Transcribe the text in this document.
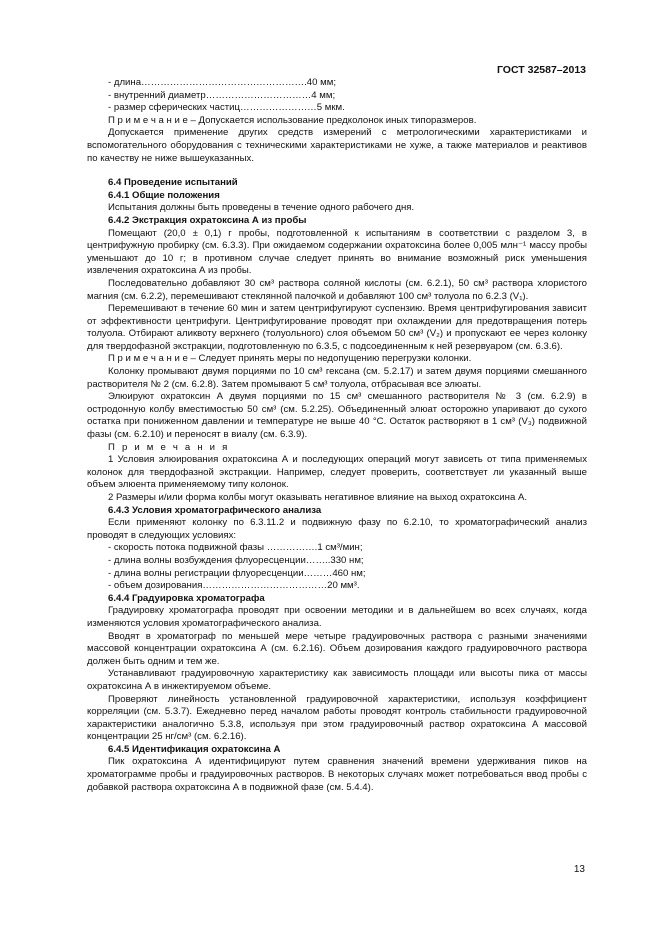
ГОСТ 32587–2013

- длина…………………………………………….40 мм;

- внутренний диаметр……………………………4 мм;

- размер сферических частиц……………………5 мкм.

П р и м е ч а н и е – Допускается использование предколонок иных типоразмеров.

Допускается применение других средств измерений с метрологическими характеристиками и вспомогательного оборудования с техническими характеристиками не хуже, а также материалов и реактивов по качеству не ниже вышеуказанных.

6.4 Проведение испытаний

6.4.1 Общие положения

Испытания должны быть проведены в течение одного рабочего дня.

6.4.2 Экстракция охратоксина А из пробы

Помещают (20,0 ± 0,1) г пробы, подготовленной к испытаниям в соответствии с разделом 3, в центрифужную пробирку (см. 6.3.3). При ожидаемом содержании охратоксина более 0,005 млн⁻¹ массу пробы уменьшают до 10 г; в противном случае следует принять во внимание возможный риск уменьшения извлечения охратоксина А из пробы.

Последовательно добавляют 30 см³ раствора соляной кислоты (см. 6.2.1), 50 см³ раствора хлористого магния (см. 6.2.2), перемешивают стеклянной палочкой и добавляют 100 см³ толуола по 6.2.3 (V₁).

Перемешивают в течение 60 мин и затем центрифугируют суспензию. Время центрифугирования зависит от эффективности центрифуги. Центрифугирование проводят при охлаждении для предотвращения потерь толуола. Отбирают аликвоту верхнего (толуольного) слоя объемом 50 см³ (V₂) и пропускают ее через колонку для твердофазной экстракции, подготовленную по 6.3.5, с подсоединенным к ней резервуаром (см. 6.3.6).

П р и м е ч а н и е – Следует принять меры по недопущению перегрузки колонки.

Колонку промывают двумя порциями по 10 см³ гексана (см. 5.2.17) и затем двумя порциями смешанного растворителя № 2 (см. 6.2.8). Затем промывают 5 см³ толуола, отбрасывая все элюаты.

Элюируют охратоксин А двумя порциями по 15 см³ смешанного растворителя № 3 (см. 6.2.9) в остродонную колбу вместимостью 50 см³ (см. 5.2.25). Объединенный элюат осторожно упаривают до сухого остатка при пониженном давлении и температуре не выше 40 °С. Остаток растворяют в 1 см³ (V₃) подвижной фазы (см. 6.2.10) и переносят в виалу (см. 6.3.9).

П р и м е ч а н и я

1 Условия элюирования охратоксина А и последующих операций могут зависеть от типа применяемых колонок для твердофазной экстракции. Например, следует проверить, соответствует ли указанный выше объем элюента применяемому типу колонок.

2 Размеры и/или форма колбы могут оказывать негативное влияние на выход охратоксина А.

6.4.3 Условия хроматографического анализа

Если применяют колонку по 6.3.11.2 и подвижную фазу по 6.2.10, то хроматографический анализ проводят в следующих условиях:

- скорость потока подвижной фазы …………….1 см³/мин;

- длина волны возбуждения флуоресценции……..330 нм;

- длина волны регистрации флуоресценции………460 нм;

- объем дозирования…………………………………20 мм³.

6.4.4 Градуировка хроматографа

Градуировку хроматографа проводят при освоении методики и в дальнейшем во всех случаях, когда изменяются условия хроматографического анализа.

Вводят в хроматограф по меньшей мере четыре градуировочных раствора с разными значениями массовой концентрации охратоксина А (см. 6.2.16). Объем дозирования каждого градуировочного раствора должен быть одним и тем же.

Устанавливают градуировочную характеристику как зависимость площади или высоты пика от массы охратоксина А в инжектируемом объеме.

Проверяют линейность установленной градуировочной характеристики, используя коэффициент корреляции (см. 5.3.7). Ежедневно перед началом работы проводят контроль стабильности градуировочной характеристики аналогично 5.3.8, используя при этом градуировочный раствор охратоксина А массовой концентрации 25 нг/см³ (см. 6.2.16).

6.4.5 Идентификация охратоксина А

Пик охратоксина А идентифицируют путем сравнения значений времени удерживания пиков на хроматограмме пробы и градуировочных растворов. В некоторых случаях может потребоваться ввод пробы с добавкой раствора охратоксина А в подвижной фазе (см. 5.4.4).

13
